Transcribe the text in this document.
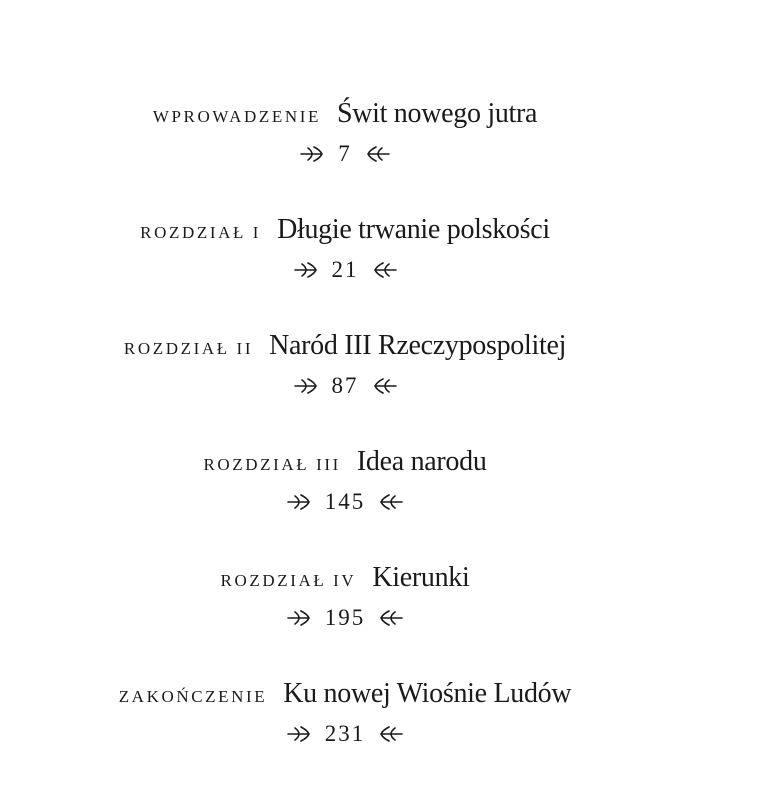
WPROWADZENIE Świt nowego jutra
7
ROZDZIAŁ I Długie trwanie polskości
21
ROZDZIAŁ II Naród III Rzeczypospolitej
87
ROZDZIAŁ III Idea narodu
145
ROZDZIAŁ IV Kierunki
195
ZAKOŃCZENIE Ku nowej Wiośnie Ludów
231
